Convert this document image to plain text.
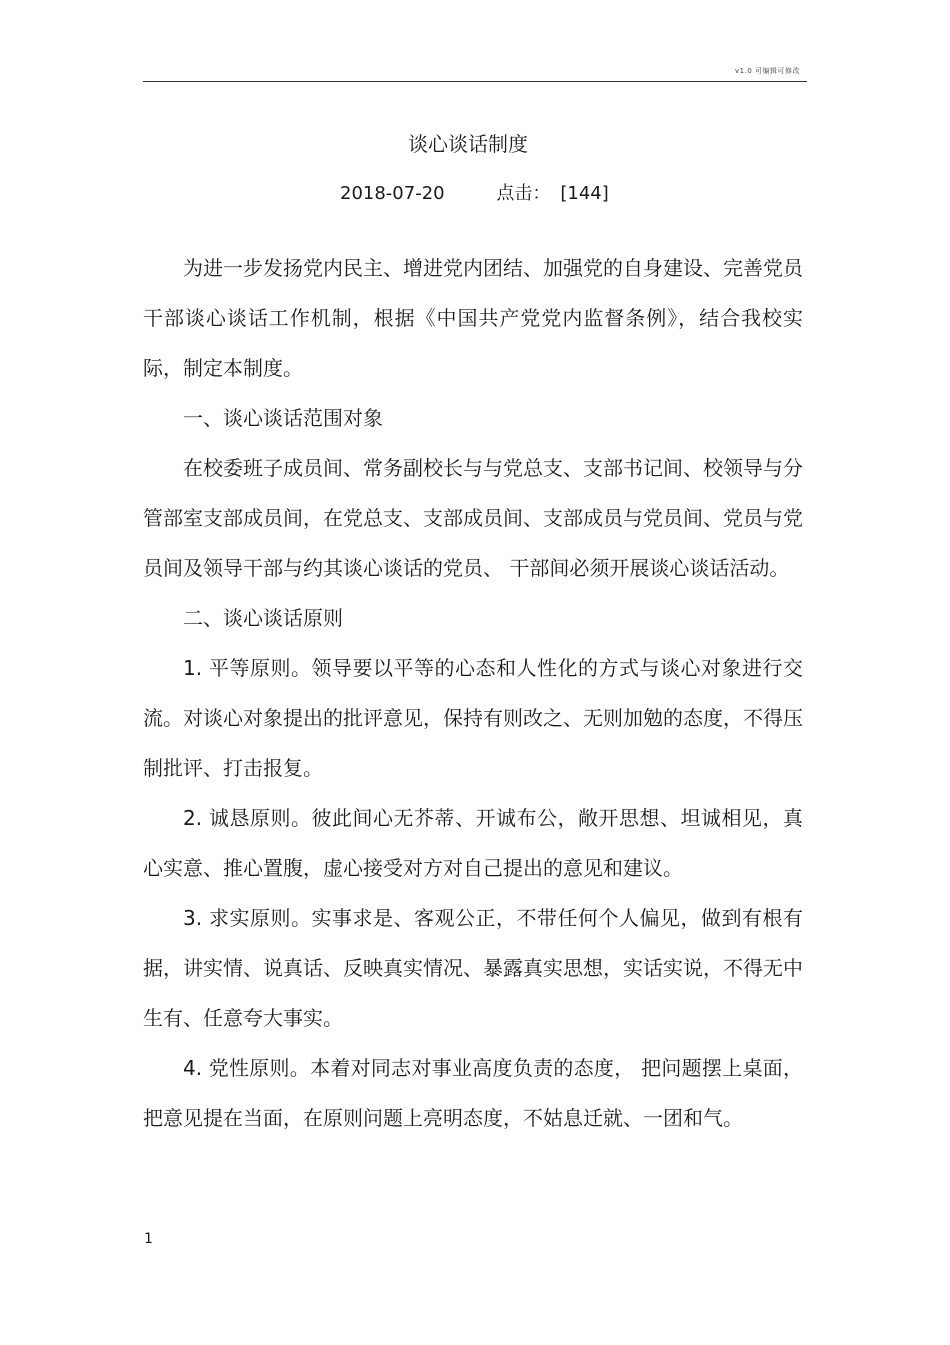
v1.0 可编辑可修改
谈心谈话制度
2018-07-20	点击： [144]

为进一步发扬党内民主、增进党内团结、加强党的自身建设、完善党员干部谈心谈话工作机制，根据《中国共产党党内监督条例》，结合我校实际，制定本制度。

一、谈心谈话范围对象

在校委班子成员间、常务副校长与与党总支、支部书记间、校领导与分管部室支部成员间，在党总支、支部成员间、支部成员与党员间、党员与党员间及领导干部与约其谈心谈话的党员、 干部间必须开展谈心谈话活动。

二、谈心谈话原则

1. 平等原则。领导要以平等的心态和人性化的方式与谈心对象进行交流。对谈心对象提出的批评意见，保持有则改之、无则加勉的态度，不得压制批评、打击报复。

2. 诚恳原则。彼此间心无芥蒂、开诚布公，敞开思想、坦诚相见，真心实意、推心置腹，虚心接受对方对自己提出的意见和建议。

3. 求实原则。实事求是、客观公正，不带任何个人偏见，做到有根有据，讲实情、说真话、反映真实情况、暴露真实思想，实话实说，不得无中生有、任意夸大事实。

4. 党性原则。本着对同志对事业高度负责的态度， 把问题摆上桌面，把意见提在当面，在原则问题上亮明态度，不姑息迁就、一团和气。

1
